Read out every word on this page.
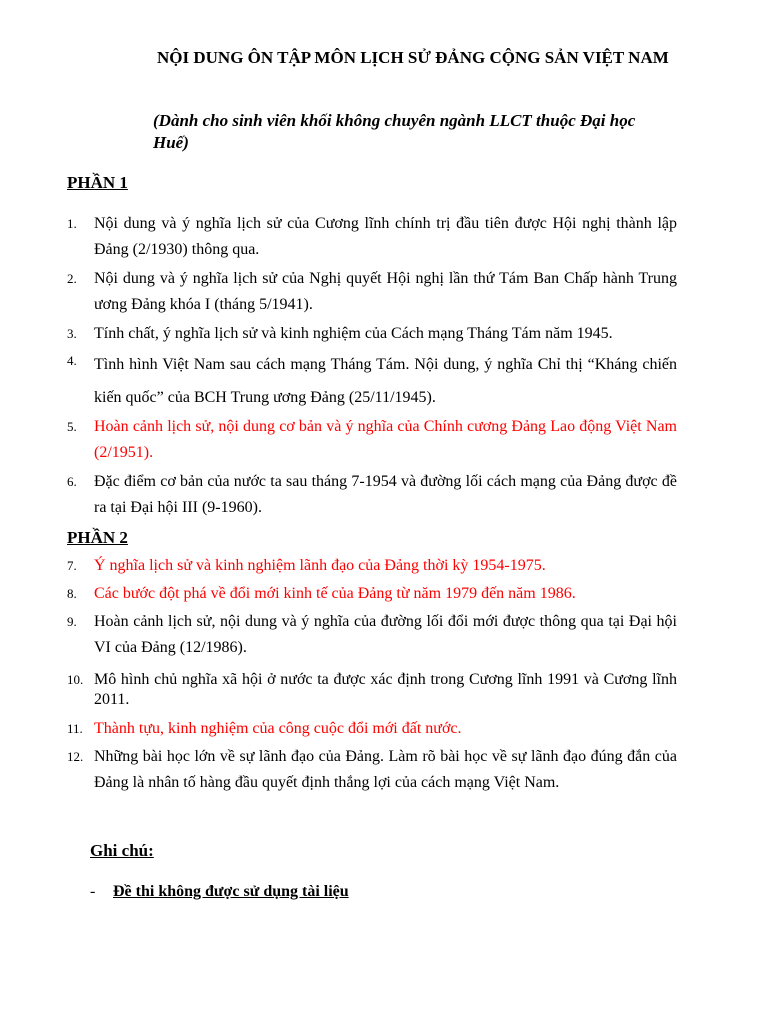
NỘI DUNG ÔN TẬP MÔN LỊCH SỬ ĐẢNG CỘNG SẢN VIỆT NAM
(Dành cho sinh viên khối không chuyên ngành LLCT thuộc Đại học Huế)
PHẦN 1
1.	Nội dung và ý nghĩa lịch sử của Cương lĩnh chính trị đầu tiên được Hội nghị thành lập Đảng (2/1930) thông qua.
2.	Nội dung và ý nghĩa lịch sử của Nghị quyết Hội nghị lần thứ Tám Ban Chấp hành Trung ương Đảng khóa I (tháng 5/1941).
3.	Tính chất, ý nghĩa lịch sử và kinh nghiệm của Cách mạng Tháng Tám năm 1945.
4.	Tình hình Việt Nam sau cách mạng Tháng Tám. Nội dung, ý nghĩa Chỉ thị “Kháng chiến kiến quốc” của BCH Trung ương Đảng (25/11/1945).
5.	Hoàn cảnh lịch sử, nội dung cơ bản và ý nghĩa của Chính cương Đảng Lao động Việt Nam (2/1951).
6.	Đặc điểm cơ bản của nước ta sau tháng 7-1954 và đường lối cách mạng của Đảng được đề ra tại Đại hội III (9-1960).
PHẦN 2
7.	Ý nghĩa lịch sử và kinh nghiệm lãnh đạo của Đảng thời kỳ 1954-1975.
8.	Các bước đột phá về đổi mới kinh tế của Đảng từ năm 1979 đến năm 1986.
9.	Hoàn cảnh lịch sử, nội dung và ý nghĩa của đường lối đổi mới được thông qua tại Đại hội VI của Đảng (12/1986).
10. Mô hình chủ nghĩa xã hội ở nước ta được xác định trong Cương lĩnh 1991 và Cương lĩnh 2011.
11. Thành tựu, kinh nghiệm của công cuộc đổi mới đất nước.
12. Những bài học lớn về sự lãnh đạo của Đảng. Làm rõ bài học về sự lãnh đạo đúng đắn của Đảng là nhân tố hàng đầu quyết định thắng lợi của cách mạng Việt Nam.
Ghi chú:
- Đề thi không được sử dụng tài liệu
